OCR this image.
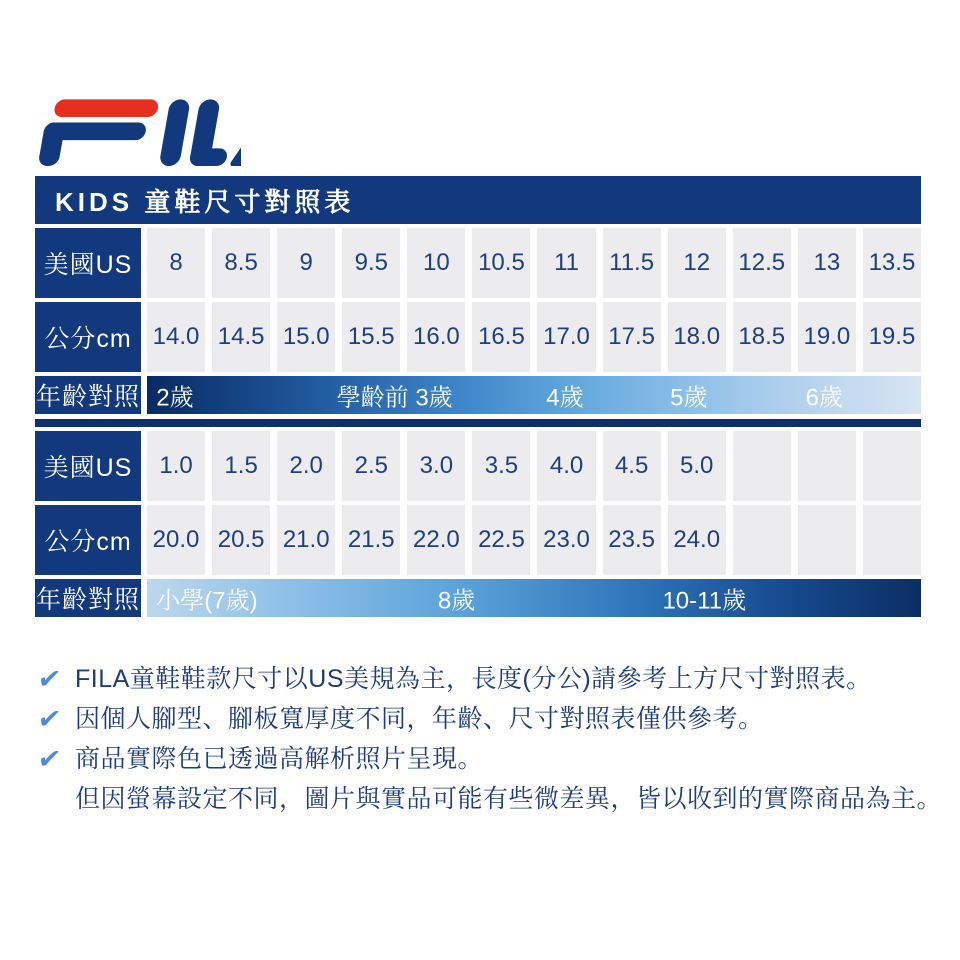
KIDS 童鞋尺寸對照表
美國US	8	8.5	9	9.5	10	10.5	11	11.5	12	12.5	13	13.5
公分cm 14.0 14.5 15.0 15.5 16.0 16.5 17.0 17.5 18.0 18.5 19.0 19.5
年齡對照 2歲	學齡前 3歲	4歲	5歲	6歲
美國US	1.0	1.5	2.0	2.5	3.0	3.5	4.0	4.5	5.0
公分cm 20.0 20.5 21.0 21.5 22.0 22.5 23.0 23.5 24.0
年齡對照 小學(7歲)	8歲	10-11歲
✔ FILA童鞋鞋款尺寸以US美規為主，長度(分公)請參考上方尺寸對照表。
✔ 因個人腳型、腳板寬厚度不同，年齡、尺寸對照表僅供參考。
✔ 商品實際色已透過高解析照片呈現。
但因螢幕設定不同，圖片與實品可能有些微差異，皆以收到的實際商品為主。
